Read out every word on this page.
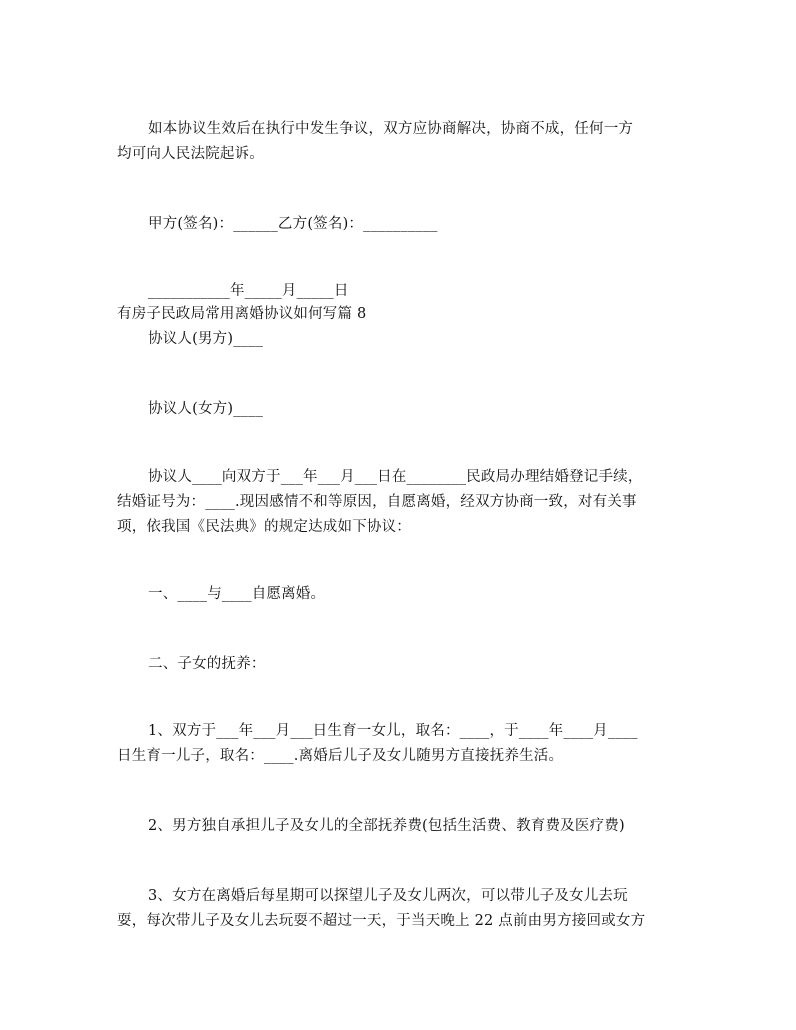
如本协议生效后在执行中发生争议，双方应协商解决，协商不成，任何一方
均可向人民法院起诉。
甲方(签名)：______乙方(签名)：__________
___________年_____月_____日
有房子民政局常用离婚协议如何写篇 8
协议人(男方)____
协议人(女方)____
协议人____向双方于___年___月___日在________民政局办理结婚登记手续，
结婚证号为：____.现因感情不和等原因，自愿离婚，经双方协商一致，对有关事
项，依我国《民法典》的规定达成如下协议：
一、____与____自愿离婚。
二、子女的抚养：
1、双方于___年___月___日生育一女儿，取名：____，于____年____月____
日生育一儿子，取名：____.离婚后儿子及女儿随男方直接抚养生活。
2、男方独自承担儿子及女儿的全部抚养费(包括生活费、教育费及医疗费)
3、女方在离婚后每星期可以探望儿子及女儿两次，可以带儿子及女儿去玩
耍，每次带儿子及女儿去玩耍不超过一天，于当天晚上 22 点前由男方接回或女方
